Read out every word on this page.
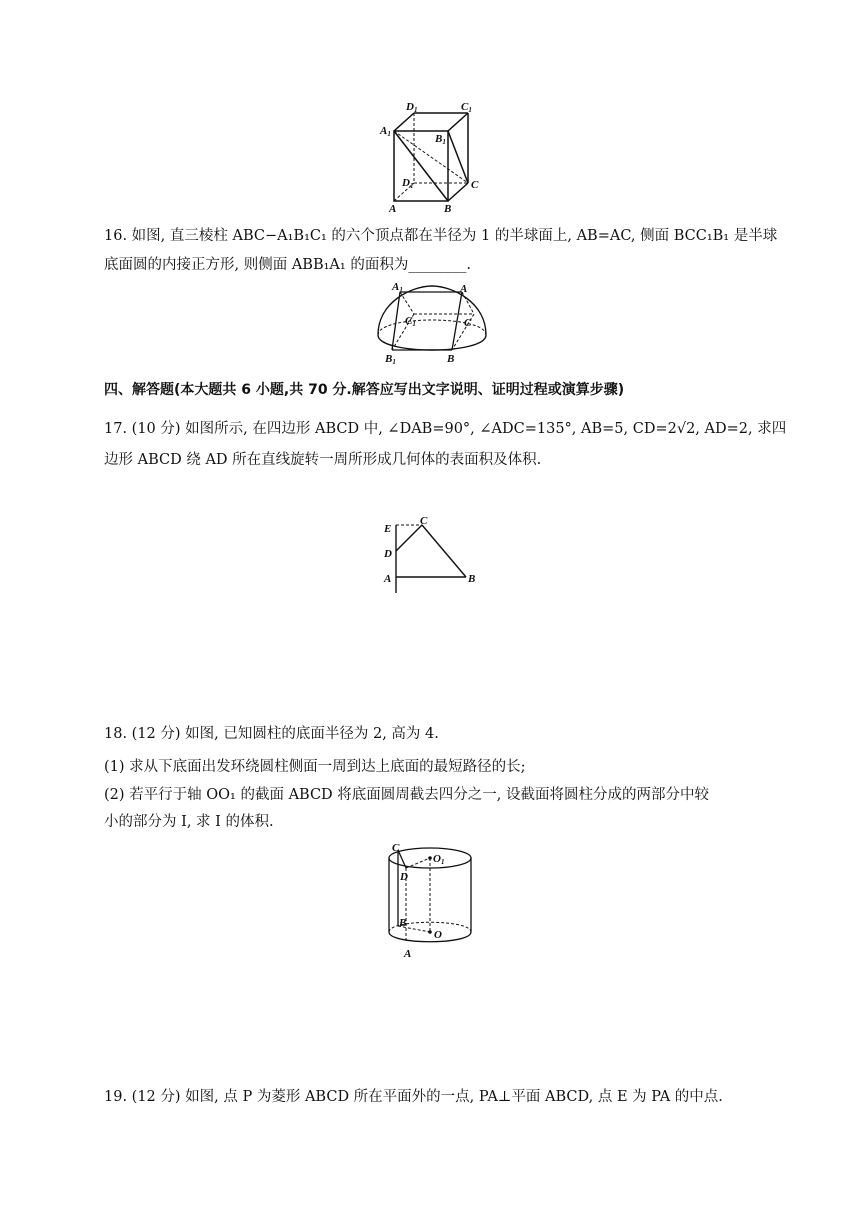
D1	C1
A1	B1
D1	C
A	B
16. 如图, 直三棱柱 ABC−A₁B₁C₁ 的六个顶点都在半径为 1 的半球面上, AB=AC, 侧面 BCC₁B₁ 是半球
底面圆的内接正方形, 则侧面 ABB₁A₁ 的面积为________.
A1	A
C1	C
B1	B
四、解答题(本大题共 6 小题,共 70 分.解答应写出文字说明、证明过程或演算步骤)
17. (10 分) 如图所示, 在四边形 ABCD 中, ∠DAB=90°, ∠ADC=135°, AB=5, CD=2√2, AD=2, 求四
边形 ABCD 绕 AD 所在直线旋转一周所形成几何体的表面积及体积.
E
C
D
A	B
18. (12 分) 如图, 已知圆柱的底面半径为 2, 高为 4.
(1) 求从下底面出发环绕圆柱侧面一周到达上底面的最短路径的长;
(2) 若平行于轴 OO₁ 的截面 ABCD 将底面圆周截去四分之一, 设截面将圆柱分成的两部分中较
小的部分为 Ⅰ, 求 Ⅰ 的体积.
C
O1
D
B
O
A
19. (12 分) 如图, 点 P 为菱形 ABCD 所在平面外的一点, PA⊥平面 ABCD, 点 E 为 PA 的中点.
